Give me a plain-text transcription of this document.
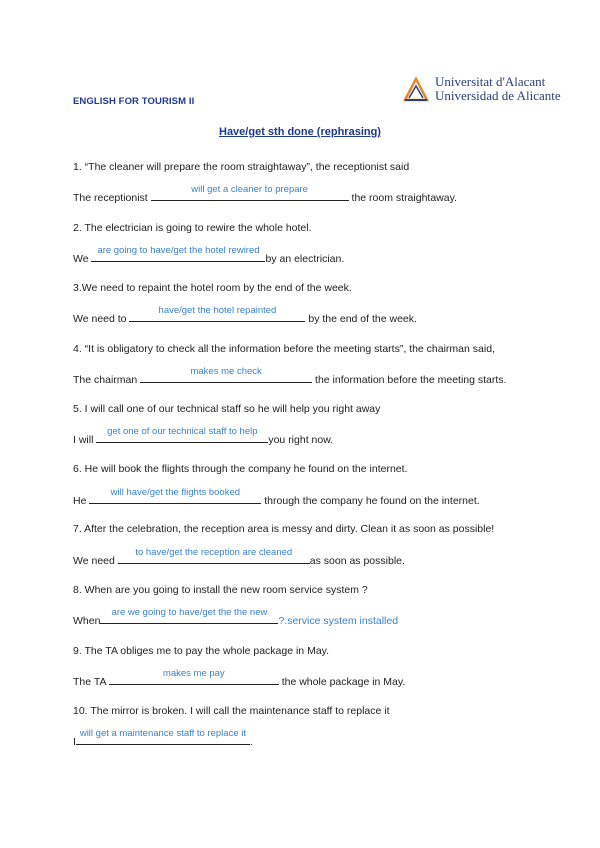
ENGLISH FOR TOURISM II
Universitat d'Alacant
Universidad de Alicante
Have/get sth done (rephrasing)
1. “The cleaner will prepare the room straightaway”, the receptionist said
The receptionist
will get a cleaner to prepare
the room straightaway.
2. The electrician is going to rewire the whole hotel.
We
are going to have/get the hotel rewired
by an electrician.
3.We need to repaint the hotel room by the end of the week.
We need to
have/get the hotel repainted
by the end of the week.
4. “It is obligatory to check all the information before the meeting starts”, the chairman said,
The chairman
makes me check
the information before the meeting starts.
5. I will call one of our technical staff so he will help you right away
I will
get one of our technical staff to help
you right now.
6. He will book the flights through the company he found on the internet.
He
will have/get the flights booked
through the company he found on the internet.
7. After the celebration, the reception area is messy and dirty. Clean it as soon as possible!
We need
to have/get the reception are cleaned
as soon as possible.
8. When are you going to install the new room service system ?
When
are we going to have/get the the new
?.service system installed
9. The TA obliges me to pay the whole package in May.
The TA
makes me pay
the whole package in May.
10. The mirror is broken. I will call the maintenance staff to replace it
I
will get a maintenance staff to replace it
.
